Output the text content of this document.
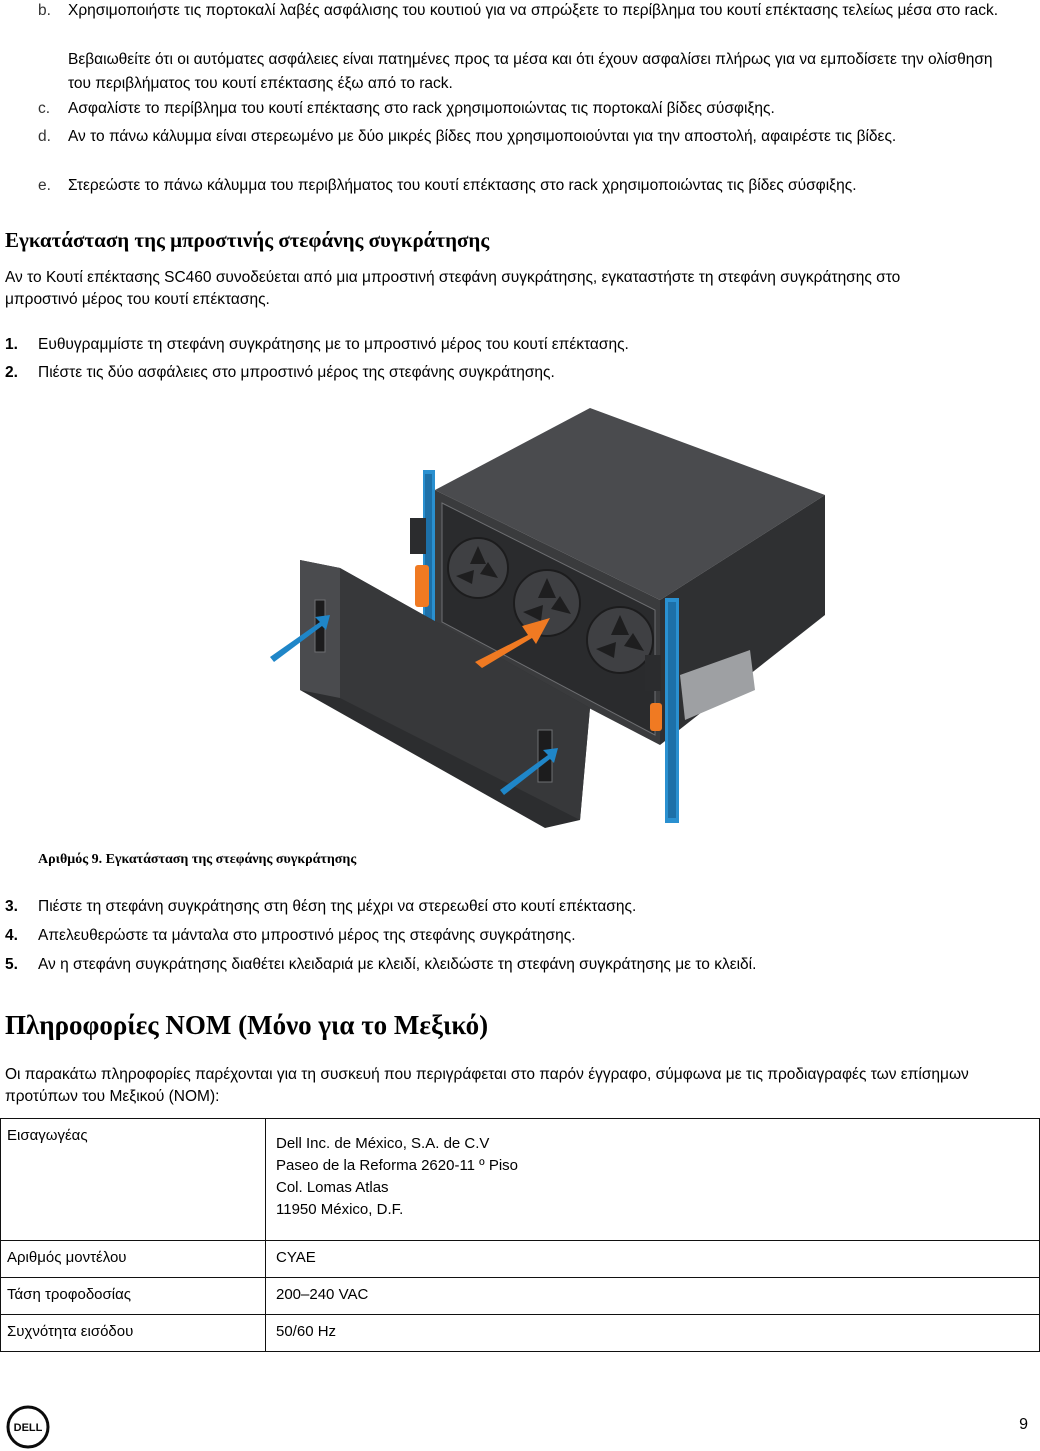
b. Χρησιμοποιήστε τις πορτοκαλί λαβές ασφάλισης του κουτιού για να σπρώξετε το περίβλημα του κουτί επέκτασης τελείως μέσα στο rack.
Βεβαιωθείτε ότι οι αυτόματες ασφάλειες είναι πατημένες προς τα μέσα και ότι έχουν ασφαλίσει πλήρως για να εμποδίσετε την ολίσθηση του περιβλήματος του κουτί επέκτασης έξω από το rack.
c. Ασφαλίστε το περίβλημα του κουτί επέκτασης στο rack χρησιμοποιώντας τις πορτοκαλί βίδες σύσφιξης.
d. Αν το πάνω κάλυμμα είναι στερεωμένο με δύο μικρές βίδες που χρησιμοποιούνται για την αποστολή, αφαιρέστε τις βίδες.
e. Στερεώστε το πάνω κάλυμμα του περιβλήματος του κουτί επέκτασης στο rack χρησιμοποιώντας τις βίδες σύσφιξης.
Εγκατάσταση της μπροστινής στεφάνης συγκράτησης
Αν το Κουτί επέκτασης SC460 συνοδεύεται από μια μπροστινή στεφάνη συγκράτησης, εγκαταστήστε τη στεφάνη συγκράτησης στο μπροστινό μέρος του κουτί επέκτασης.
1. Ευθυγραμμίστε τη στεφάνη συγκράτησης με το μπροστινό μέρος του κουτί επέκτασης.
2. Πιέστε τις δύο ασφάλειες στο μπροστινό μέρος της στεφάνης συγκράτησης.
Αριθμός 9. Εγκατάσταση της στεφάνης συγκράτησης
3. Πιέστε τη στεφάνη συγκράτησης στη θέση της μέχρι να στερεωθεί στο κουτί επέκτασης.
4. Απελευθερώστε τα μάνταλα στο μπροστινό μέρος της στεφάνης συγκράτησης.
5. Αν η στεφάνη συγκράτησης διαθέτει κλειδαριά με κλειδί, κλειδώστε τη στεφάνη συγκράτησης με το κλειδί.
Πληροφορίες NOM (Μόνο για το Μεξικό)
Οι παρακάτω πληροφορίες παρέχονται για τη συσκευή που περιγράφεται στο παρόν έγγραφο, σύμφωνα με τις προδιαγραφές των επίσημων προτύπων του Μεξικού (NOM):
Εισαγωγέας	Dell Inc. de México, S.A. de C.V
Paseo de la Reforma 2620-11 º Piso
Col. Lomas Atlas
11950 México, D.F.

Αριθμός μοντέλου	CYAE
Τάση τροφοδοσίας	200–240 VAC
Συχνότητα εισόδου	50/60 Hz
DELL	9
